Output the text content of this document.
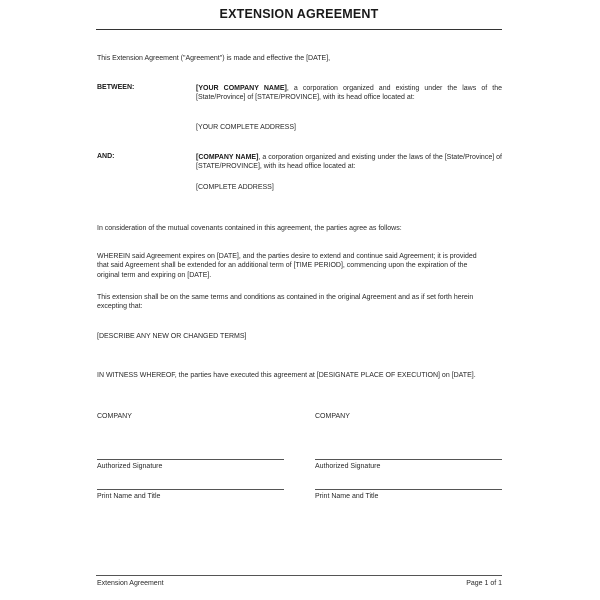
EXTENSION AGREEMENT
This Extension Agreement ("Agreement") is made and effective the [DATE],
BETWEEN:	[YOUR COMPANY NAME], a corporation organized and existing under the laws of the [State/Province] of [STATE/PROVINCE], with its head office located at:
[YOUR COMPLETE ADDRESS]
AND:	[COMPANY NAME], a corporation organized and existing under the laws of the [State/Province] of [STATE/PROVINCE], with its head office located at:
[COMPLETE ADDRESS]
In consideration of the mutual covenants contained in this agreement, the parties agree as follows:
WHEREIN said Agreement expires on [DATE], and the parties desire to extend and continue said Agreement; it is provided that said Agreement shall be extended for an additional term of [TIME PERIOD], commencing upon the expiration of the original term and expiring on [DATE].
This extension shall be on the same terms and conditions as contained in the original Agreement and as if set forth herein excepting that:
[DESCRIBE ANY NEW OR CHANGED TERMS]
IN WITNESS WHEREOF, the parties have executed this agreement at [DESIGNATE PLACE OF EXECUTION] on [DATE].
COMPANY
Authorized Signature
Print Name and Title
COMPANY
Authorized Signature
Print Name and Title
Extension Agreement	Page 1 of 1
